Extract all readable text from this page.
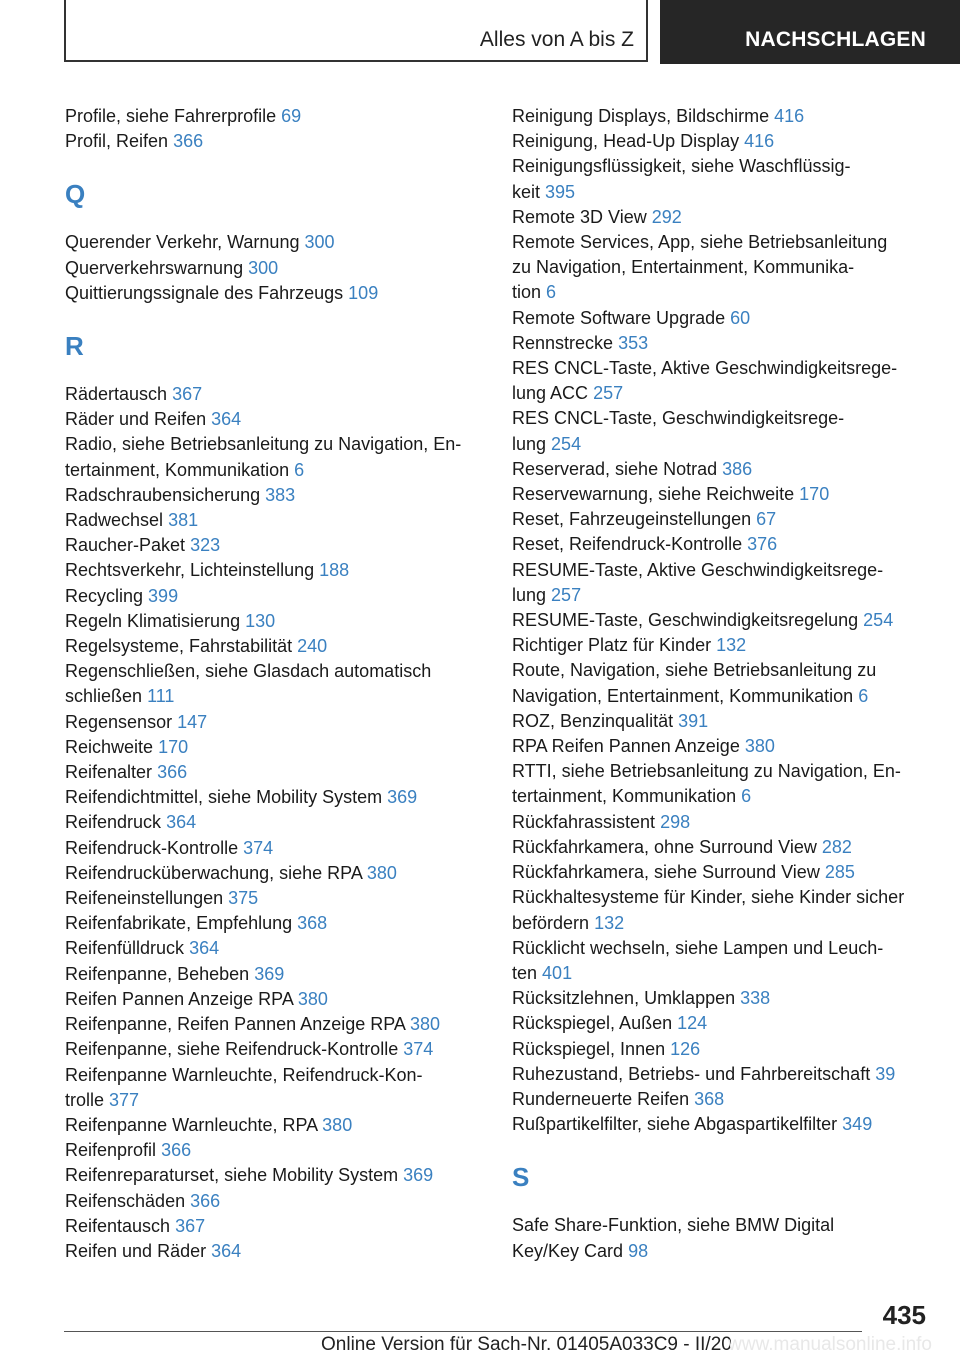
Alles von A bis Z	NACHSCHLAGEN
Profile, siehe Fahrerprofile 69
Profil, Reifen 366
Q
Querender Verkehr, Warnung 300
Querverkehrswarnung 300
Quittierungssignale des Fahrzeugs 109
R
Rädertausch 367
Räder und Reifen 364
Radio, siehe Betriebsanleitung zu Navigation, En-
tertainment, Kommunikation 6
Radschraubensicherung 383
Radwechsel 381
Raucher-Paket 323
Rechtsverkehr, Lichteinstellung 188
Recycling 399
Regeln Klimatisierung 130
Regelsysteme, Fahrstabilität 240
Regenschließen, siehe Glasdach automatisch
schließen 111
Regensensor 147
Reichweite 170
Reifenalter 366
Reifendichtmittel, siehe Mobility System 369
Reifendruck 364
Reifendruck-Kontrolle 374
Reifendrucküberwachung, siehe RPA 380
Reifeneinstellungen 375
Reifenfabrikate, Empfehlung 368
Reifenfülldruck 364
Reifenpanne, Beheben 369
Reifen Pannen Anzeige RPA 380
Reifenpanne, Reifen Pannen Anzeige RPA 380
Reifenpanne, siehe Reifendruck-Kontrolle 374
Reifenpanne Warnleuchte, Reifendruck-Kon-
trolle 377
Reifenpanne Warnleuchte, RPA 380
Reifenprofil 366
Reifenreparaturset, siehe Mobility System 369
Reifenschäden 366
Reifentausch 367
Reifen und Räder 364
Reinigung Displays, Bildschirme 416
Reinigung, Head-Up Display 416
Reinigungsflüssigkeit, siehe Waschflüssig-
keit 395
Remote 3D View 292
Remote Services, App, siehe Betriebsanleitung
zu Navigation, Entertainment, Kommunika-
tion 6
Remote Software Upgrade 60
Rennstrecke 353
RES CNCL-Taste, Aktive Geschwindigkeitsrege-
lung ACC 257
RES CNCL-Taste, Geschwindigkeitsrege-
lung 254
Reserverad, siehe Notrad 386
Reservewarnung, siehe Reichweite 170
Reset, Fahrzeugeinstellungen 67
Reset, Reifendruck-Kontrolle 376
RESUME-Taste, Aktive Geschwindigkeitsrege-
lung 257
RESUME-Taste, Geschwindigkeitsregelung 254
Richtiger Platz für Kinder 132
Route, Navigation, siehe Betriebsanleitung zu
Navigation, Entertainment, Kommunikation 6
ROZ, Benzinqualität 391
RPA Reifen Pannen Anzeige 380
RTTI, siehe Betriebsanleitung zu Navigation, En-
tertainment, Kommunikation 6
Rückfahrassistent 298
Rückfahrkamera, ohne Surround View 282
Rückfahrkamera, siehe Surround View 285
Rückhaltesysteme für Kinder, siehe Kinder sicher
befördern 132
Rücklicht wechseln, siehe Lampen und Leuch-
ten 401
Rücksitzlehnen, Umklappen 338
Rückspiegel, Außen 124
Rückspiegel, Innen 126
Ruhezustand, Betriebs- und Fahrbereitschaft 39
Runderneuerte Reifen 368
Rußpartikelfilter, siehe Abgaspartikelfilter 349
S
Safe Share-Funktion, siehe BMW Digital
Key/Key Card 98
435
Online Version für Sach-Nr. 01405A033C9 - II/20
www.manualsonline.info
